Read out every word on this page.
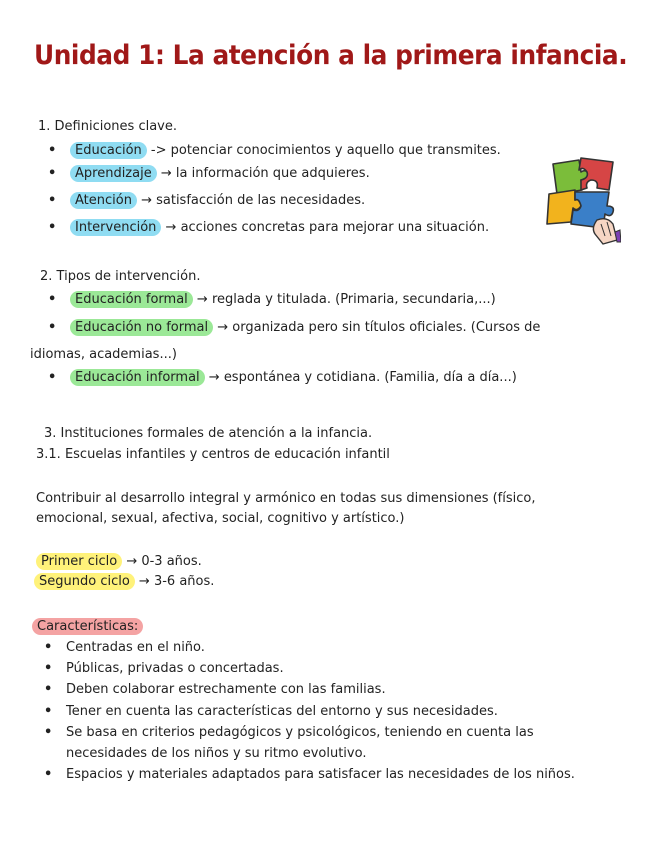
Unidad 1: La atención a la primera infancia.
1. Definiciones clave.
• Educación -> potenciar conocimientos y aquello que transmites.
• Aprendizaje → la información que adquieres.
• Atención → satisfacción de las necesidades.
• Intervención → acciones concretas para mejorar una situación.
2. Tipos de intervención.
• Educación formal → reglada y titulada. (Primaria, secundaria,...)
• Educación no formal → organizada pero sin títulos oficiales. (Cursos de
idiomas, academias...)
• Educación informal → espontánea y cotidiana. (Familia, día a día...)
3. Instituciones formales de atención a la infancia.
3.1. Escuelas infantiles y centros de educación infantil
Contribuir al desarrollo integral y armónico en todas sus dimensiones (físico,
emocional, sexual, afectiva, social, cognitivo y artístico.)
Primer ciclo → 0-3 años.
Segundo ciclo → 3-6 años.
Características:
• Centradas en el niño.
• Públicas, privadas o concertadas.
• Deben colaborar estrechamente con las familias.
• Tener en cuenta las características del entorno y sus necesidades.
• Se basa en criterios pedagógicos y psicológicos, teniendo en cuenta las
necesidades de los niños y su ritmo evolutivo.
• Espacios y materiales adaptados para satisfacer las necesidades de los niños.
